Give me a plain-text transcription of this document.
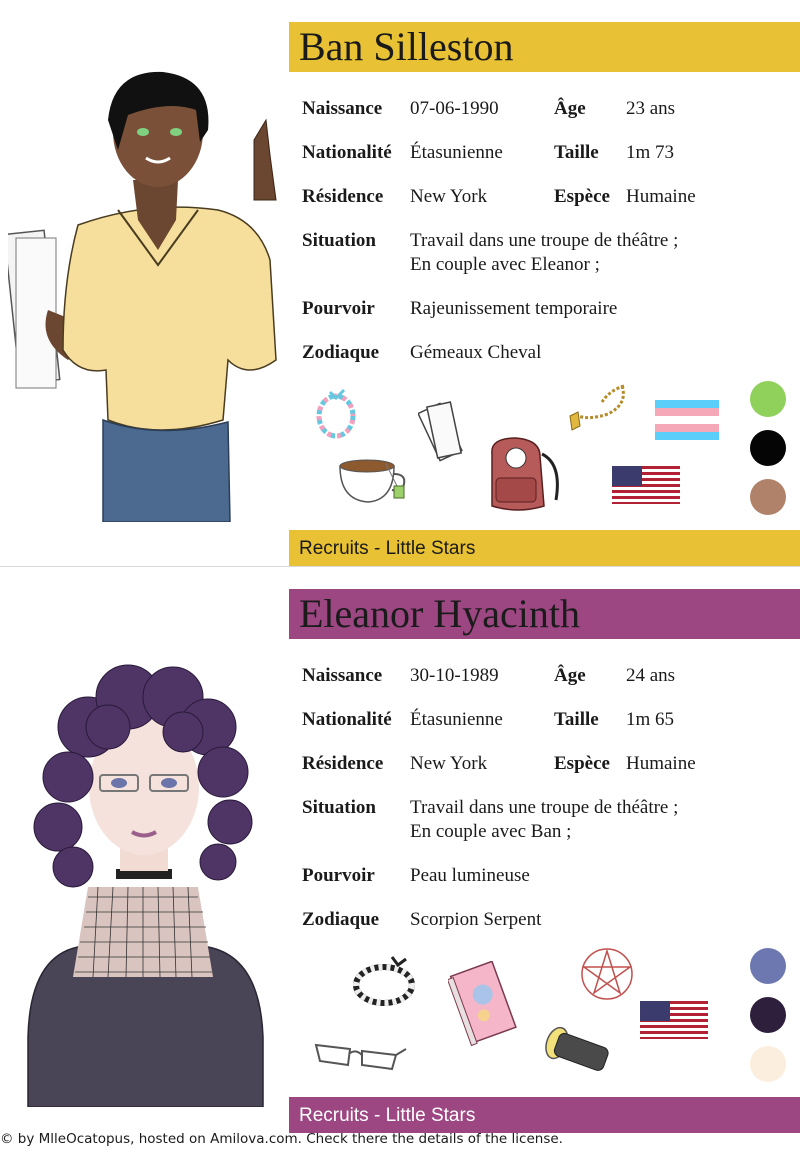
Ban Silleston
Naissance	07-06-1990	Âge	23 ans
Nationalité Étasunienne	Taille	1m 73
Résidence	New York	Espèce Humaine
Situation	Travail dans une troupe de théâtre ;
En couple avec Eleanor ;
Pourvoir	Rajeunissement temporaire
Zodiaque	Gémeaux Cheval
Recruits - Little Stars
Eleanor Hyacinth
Naissance	30-10-1989	Âge	24 ans
Nationalité Étasunienne	Taille	1m 65
Résidence	New York	Espèce Humaine
Situation	Travail dans une troupe de théâtre ;
En couple avec Ban ;
Pourvoir	Peau lumineuse
Zodiaque	Scorpion Serpent
Recruits - Little Stars
© by MlleOcatopus, hosted on Amilova.com. Check there the details of the license.
